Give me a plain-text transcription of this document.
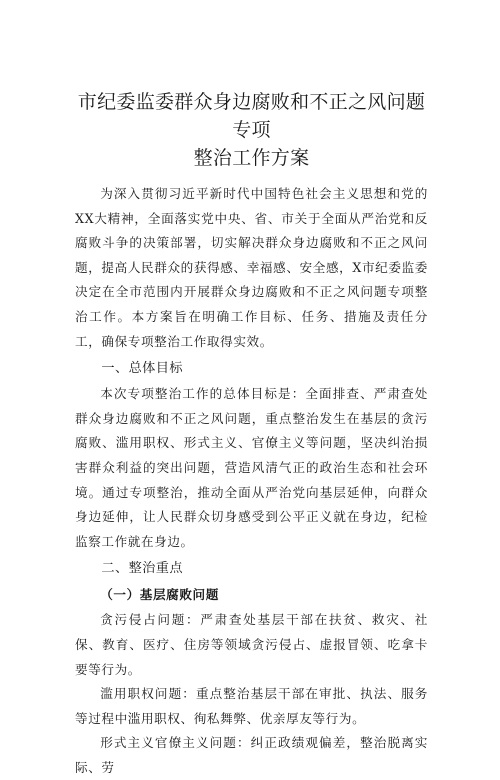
市纪委监委群众身边腐败和不正之风问题专项
整治工作方案

为深入贯彻习近平新时代中国特色社会主义思想和党的XX大精神，全面落实党中央、省、市关于全面从严治党和反腐败斗争的决策部署，切实解决群众身边腐败和不正之风问题，提高人民群众的获得感、幸福感、安全感，X市纪委监委决定在全市范围内开展群众身边腐败和不正之风问题专项整治工作。本方案旨在明确工作目标、任务、措施及责任分工，确保专项整治工作取得实效。

一、总体目标

本次专项整治工作的总体目标是：全面排查、严肃查处群众身边腐败和不正之风问题，重点整治发生在基层的贪污腐败、滥用职权、形式主义、官僚主义等问题，坚决纠治损害群众利益的突出问题，营造风清气正的政治生态和社会环境。通过专项整治，推动全面从严治党向基层延伸，向群众身边延伸，让人民群众切身感受到公平正义就在身边，纪检监察工作就在身边。

二、整治重点

（一）基层腐败问题

贪污侵占问题：严肃查处基层干部在扶贫、救灾、社保、教育、医疗、住房等领域贪污侵占、虚报冒领、吃拿卡要等行为。

滥用职权问题：重点整治基层干部在审批、执法、服务等过程中滥用职权、徇私舞弊、优亲厚友等行为。

形式主义官僚主义问题：纠正政绩观偏差，整治脱离实际、劳
